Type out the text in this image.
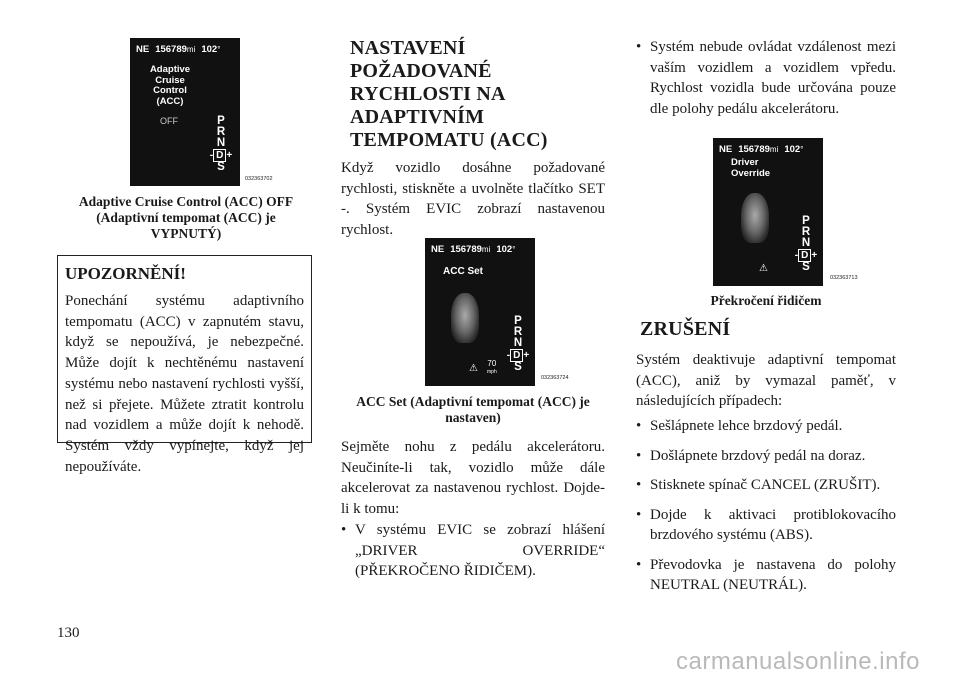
NE 156789mi 102°
Adaptive Cruise Control (ACC)
OFF	P
R
N
- D +
S
032363702
Adaptive Cruise Control (ACC) OFF (Adaptivní tempomat (ACC) je VYPNUTÝ)
UPOZORNĚNÍ!

Ponechání systému adaptivního tempomatu (ACC) v zapnutém stavu, když se nepoužívá, je nebezpečné. Může dojít k nechtěnému nastavení systému nebo nastavení rychlosti vyšší, než si přejete. Můžete ztratit kontrolu nad vozidlem a může dojít k nehodě. Systém vždy vypínejte, když jej nepoužíváte.

NASTAVENÍ POŽADOVANÉ RYCHLOSTI NA ADAPTIVNÍM TEMPOMATU (ACC)

Když vozidlo dosáhne požadované rychlosti, stiskněte a uvolněte tlačítko SET -. Systém EVIC zobrazí nastavenou rychlost.

NE 156789mi 102°
ACC Set
⚠ 70
mph
P
R
N
- D +
S
032363724
ACC Set (Adaptivní tempomat (ACC) je nastaven)

Sejměte nohu z pedálu akcelerátoru. Neučiníte-li tak, vozidlo může dále akcelerovat za nastavenou rychlost. Dojde-li k tomu:

• V systému EVIC se zobrazí hlášení „DRIVER OVERRIDE“ (PŘEKROČENO ŘIDIČEM).
• Systém nebude ovládat vzdálenost mezi vaším vozidlem a vozidlem vpředu. Rychlost vozidla bude určována pouze dle polohy pedálu akcelerátoru.
NE 156789mi 102°
Driver Override
⚠
P
R
N
- D +
S
032363713
Překročení řidičem
ZRUŠENÍ

Systém deaktivuje adaptivní tempomat (ACC), aniž by vymazal paměť, v následujících případech:

• Sešlápnete lehce brzdový pedál.
• Došlápnete brzdový pedál na doraz.
• Stisknete spínač CANCEL (ZRUŠIT).
• Dojde k aktivaci protiblokovacího brzdového systému (ABS).
• Převodovka je nastavena do polohy NEUTRAL (NEUTRÁL).
130
carmanualsonline.info
